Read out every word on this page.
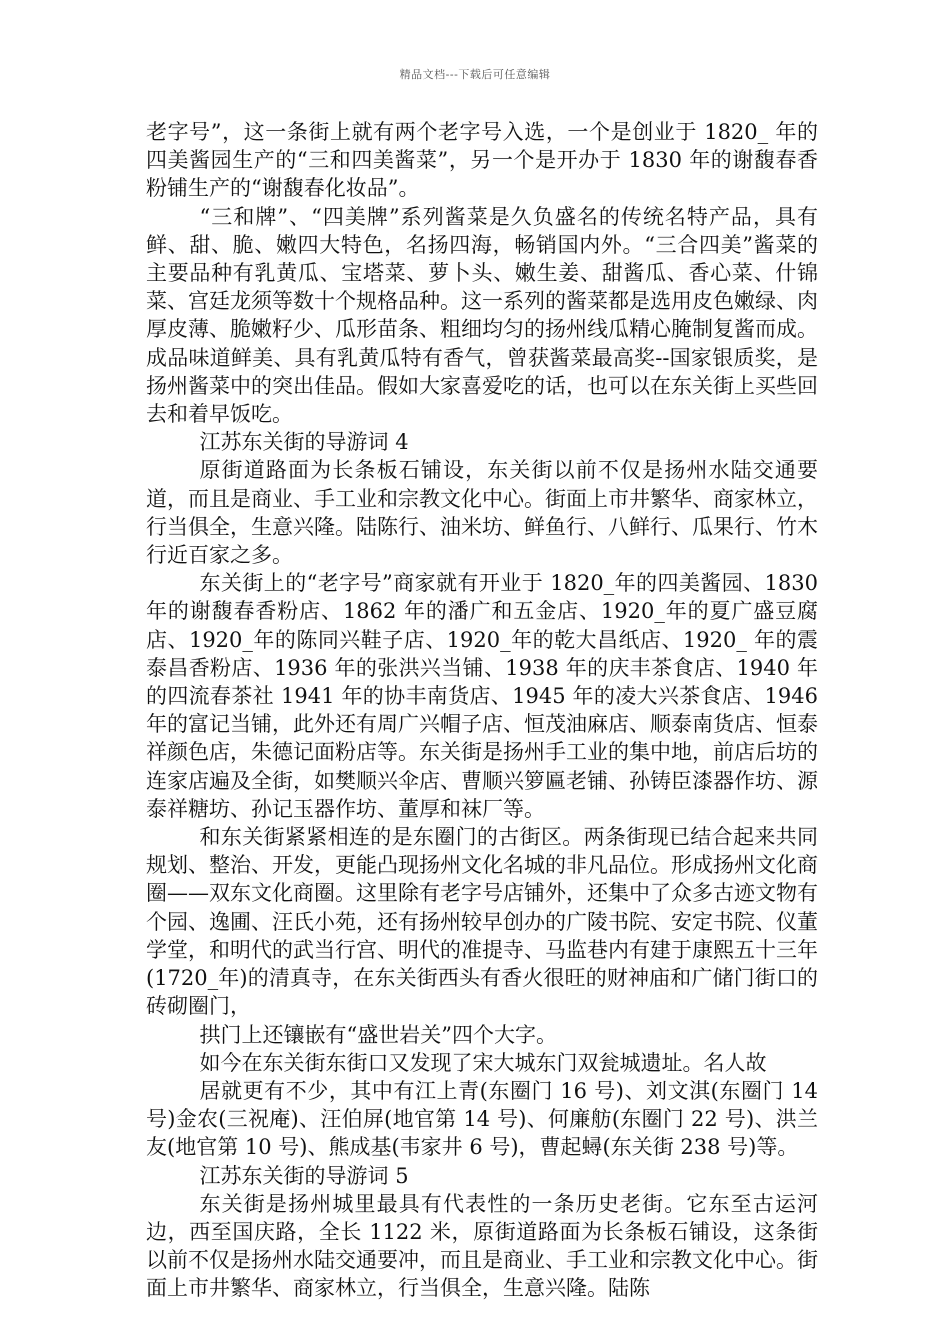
精品文档---下载后可任意编辑

老字号”，这一条街上就有两个老字号入选，一个是创业于 1820_ 年的四美酱园生产的“三和四美酱菜”，另一个是开办于 1830 年的谢馥春香粉铺生产的“谢馥春化妆品”。

“三和牌”、“四美牌”系列酱菜是久负盛名的传统名特产品，具有鲜、甜、脆、嫩四大特色，名扬四海，畅销国内外。“三合四美”酱菜的主要品种有乳黄瓜、宝塔菜、萝卜头、嫩生姜、甜酱瓜、香心菜、什锦菜、宫廷龙须等数十个规格品种。这一系列的酱菜都是选用皮色嫩绿、肉厚皮薄、脆嫩籽少、瓜形苗条、粗细均匀的扬州线瓜精心腌制复酱而成。成品味道鲜美、具有乳黄瓜特有香气，曾获酱菜最高奖--国家银质奖，是扬州酱菜中的突出佳品。假如大家喜爱吃的话，也可以在东关街上买些回去和着早饭吃。

江苏东关街的导游词 4

原街道路面为长条板石铺设，东关街以前不仅是扬州水陆交通要道，而且是商业、手工业和宗教文化中心。街面上市井繁华、商家林立，行当俱全，生意兴隆。陆陈行、油米坊、鲜鱼行、八鲜行、瓜果行、竹木行近百家之多。

东关街上的“老字号”商家就有开业于 1820_年的四美酱园、1830 年的谢馥春香粉店、1862 年的潘广和五金店、1920_年的夏广盛豆腐店、1920_年的陈同兴鞋子店、1920_年的乾大昌纸店、1920_ 年的震泰昌香粉店、1936 年的张洪兴当铺、1938 年的庆丰茶食店、1940 年的四流春茶社 1941 年的协丰南货店、1945 年的凌大兴茶食店、1946 年的富记当铺，此外还有周广兴帽子店、恒茂油麻店、顺泰南货店、恒泰祥颜色店，朱德记面粉店等。东关街是扬州手工业的集中地，前店后坊的连家店遍及全街，如樊顺兴伞店、曹顺兴箩匾老铺、孙铸臣漆器作坊、源泰祥糖坊、孙记玉器作坊、董厚和袜厂等。

和东关街紧紧相连的是东圈门的古街区。两条街现已结合起来共同规划、整治、开发，更能凸现扬州文化名城的非凡品位。形成扬州文化商圈——双东文化商圈。这里除有老字号店铺外，还集中了众多古迹文物有个园、逸圃、汪氏小苑，还有扬州较早创办的广陵书院、安定书院、仪董学堂，和明代的武当行宫、明代的准提寺、马监巷内有建于康熙五十三年(1720_年)的清真寺，在东关街西头有香火很旺的财神庙和广储门街口的砖砌圈门，

拱门上还镶嵌有“盛世岩关”四个大字。

如今在东关街东街口又发现了宋大城东门双瓮城遗址。名人故

居就更有不少，其中有江上青(东圈门 16 号)、刘文淇(东圈门 14 号)金农(三祝庵)、汪伯屏(地官第 14 号)、何廉舫(东圈门 22 号)、洪兰友(地官第 10 号)、熊成基(韦家井 6 号)，曹起蟳(东关街 238 号)等。

江苏东关街的导游词 5

东关街是扬州城里最具有代表性的一条历史老街。它东至古运河边，西至国庆路，全长 1122 米，原街道路面为长条板石铺设，这条街以前不仅是扬州水陆交通要冲，而且是商业、手工业和宗教文化中心。街面上市井繁华、商家林立，行当俱全，生意兴隆。陆陈
